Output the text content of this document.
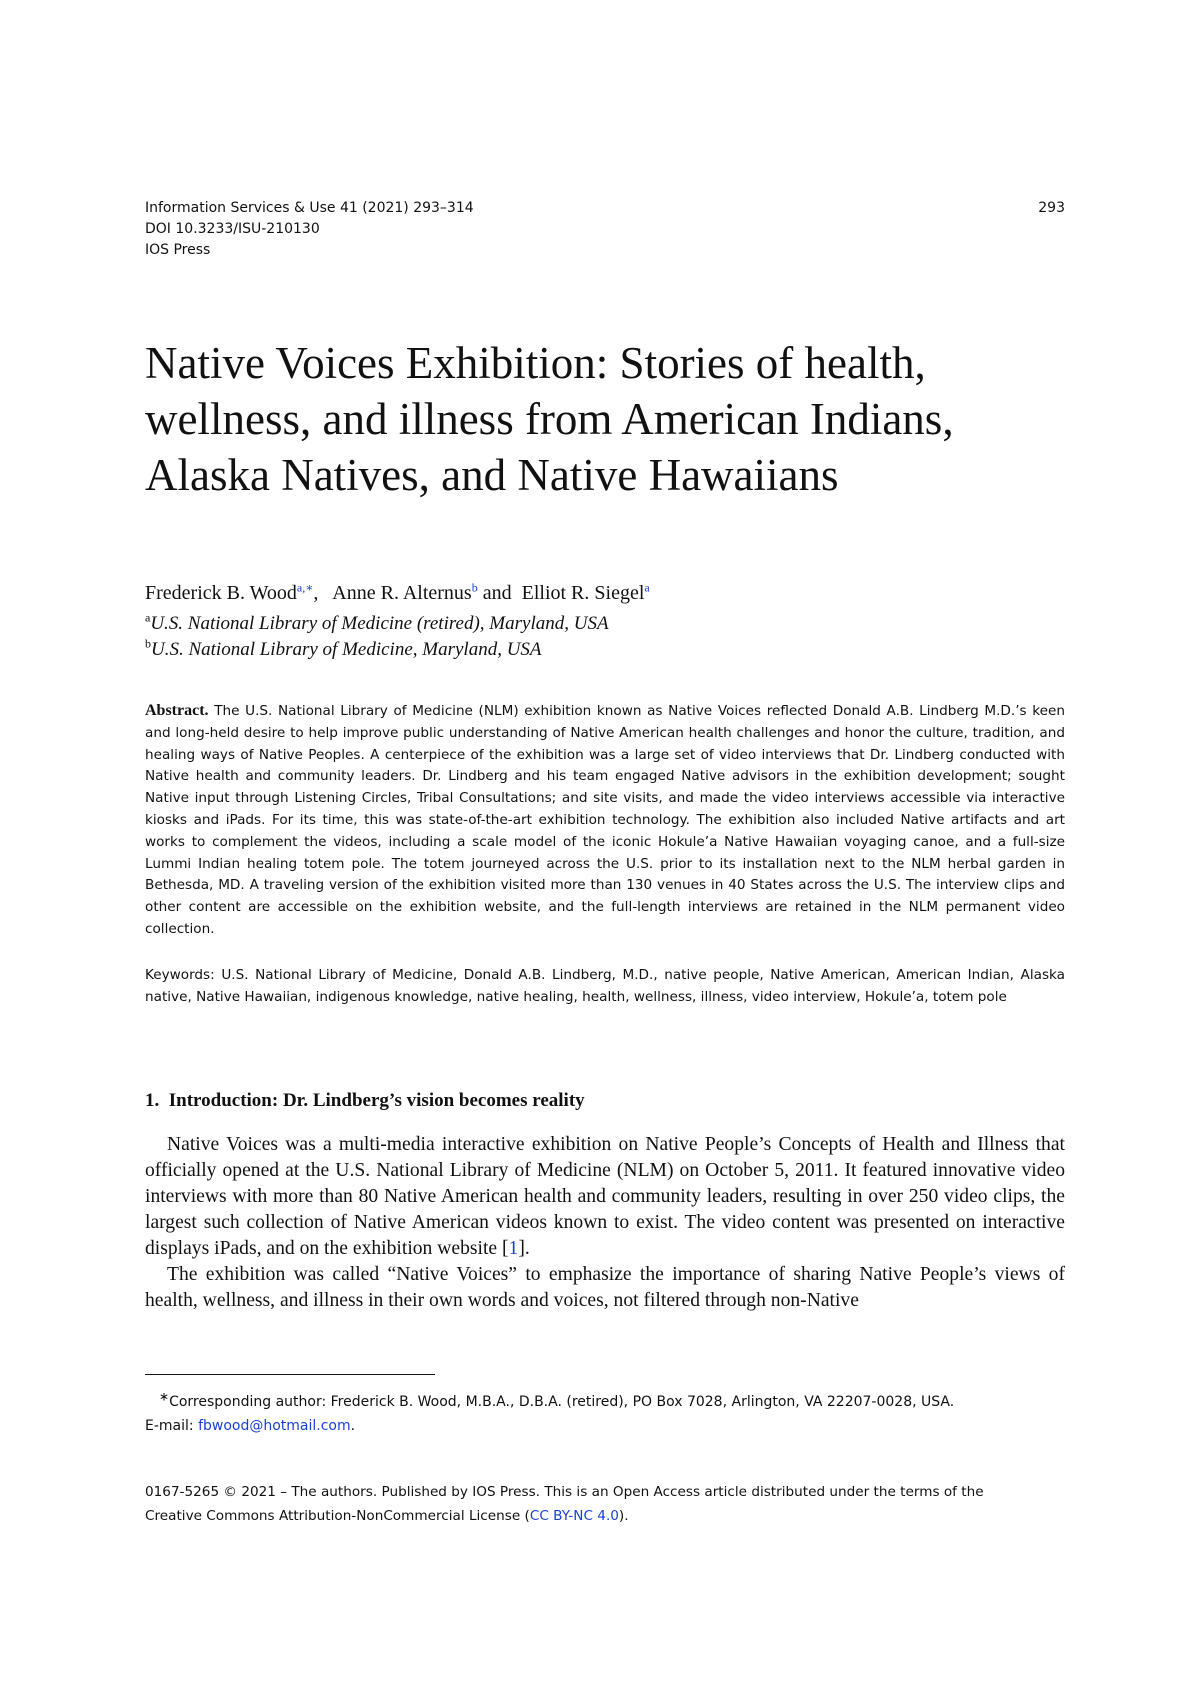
Information Services & Use 41 (2021) 293–314
DOI 10.3233/ISU-210130
IOS Press
293
Native Voices Exhibition: Stories of health, wellness, and illness from American Indians, Alaska Natives, and Native Hawaiians
Frederick B. Wood$^{a,∗}$,   Anne R. Alternus$^b$ and Elliot R. Siegel$^a$
$^a$U.S. National Library of Medicine (retired), Maryland, USA
$^b$U.S. National Library of Medicine, Maryland, USA
Abstract. The U.S. National Library of Medicine (NLM) exhibition known as Native Voices reflected Donald A.B. Lindberg M.D.’s keen and long-held desire to help improve public understanding of Native American health challenges and honor the culture, tradition, and healing ways of Native Peoples. A centerpiece of the exhibition was a large set of video interviews that Dr. Lindberg conducted with Native health and community leaders. Dr. Lindberg and his team engaged Native advisors in the exhibition development; sought Native input through Listening Circles, Tribal Consultations; and site visits, and made the video interviews accessible via interactive kiosks and iPads. For its time, this was state-of-the-art exhibition technology. The exhibition also included Native artifacts and art works to complement the videos, including a scale model of the iconic Hokule’a Native Hawaiian voyaging canoe, and a full-size Lummi Indian healing totem pole. The totem journeyed across the U.S. prior to its installation next to the NLM herbal garden in Bethesda, MD. A traveling version of the exhibition visited more than 130 venues in 40 States across the U.S. The interview clips and other content are accessible on the exhibition website, and the full-length interviews are retained in the NLM permanent video collection.
Keywords: U.S. National Library of Medicine, Donald A.B. Lindberg, M.D., native people, Native American, American Indian, Alaska native, Native Hawaiian, indigenous knowledge, native healing, health, wellness, illness, video interview, Hokule’a, totem pole
1. Introduction: Dr. Lindberg’s vision becomes reality

Native Voices was a multi-media interactive exhibition on Native People’s Concepts of Health and Illness that officially opened at the U.S. National Library of Medicine (NLM) on October 5, 2011. It featured innovative video interviews with more than 80 Native American health and community leaders, resulting in over 250 video clips, the largest such collection of Native American videos known to exist. The video content was presented on interactive displays iPads, and on the exhibition website [1].

The exhibition was called “Native Voices” to emphasize the importance of sharing Native People’s views of health, wellness, and illness in their own words and voices, not filtered through non-Native

∗Corresponding author: Frederick B. Wood, M.B.A., D.B.A. (retired), PO Box 7028, Arlington, VA 22207-0028, USA.
E-mail: fbwood@hotmail.com.
0167-5265 © 2021 – The authors. Published by IOS Press. This is an Open Access article distributed under the terms of the
Creative Commons Attribution-NonCommercial License (CC BY-NC 4.0).
